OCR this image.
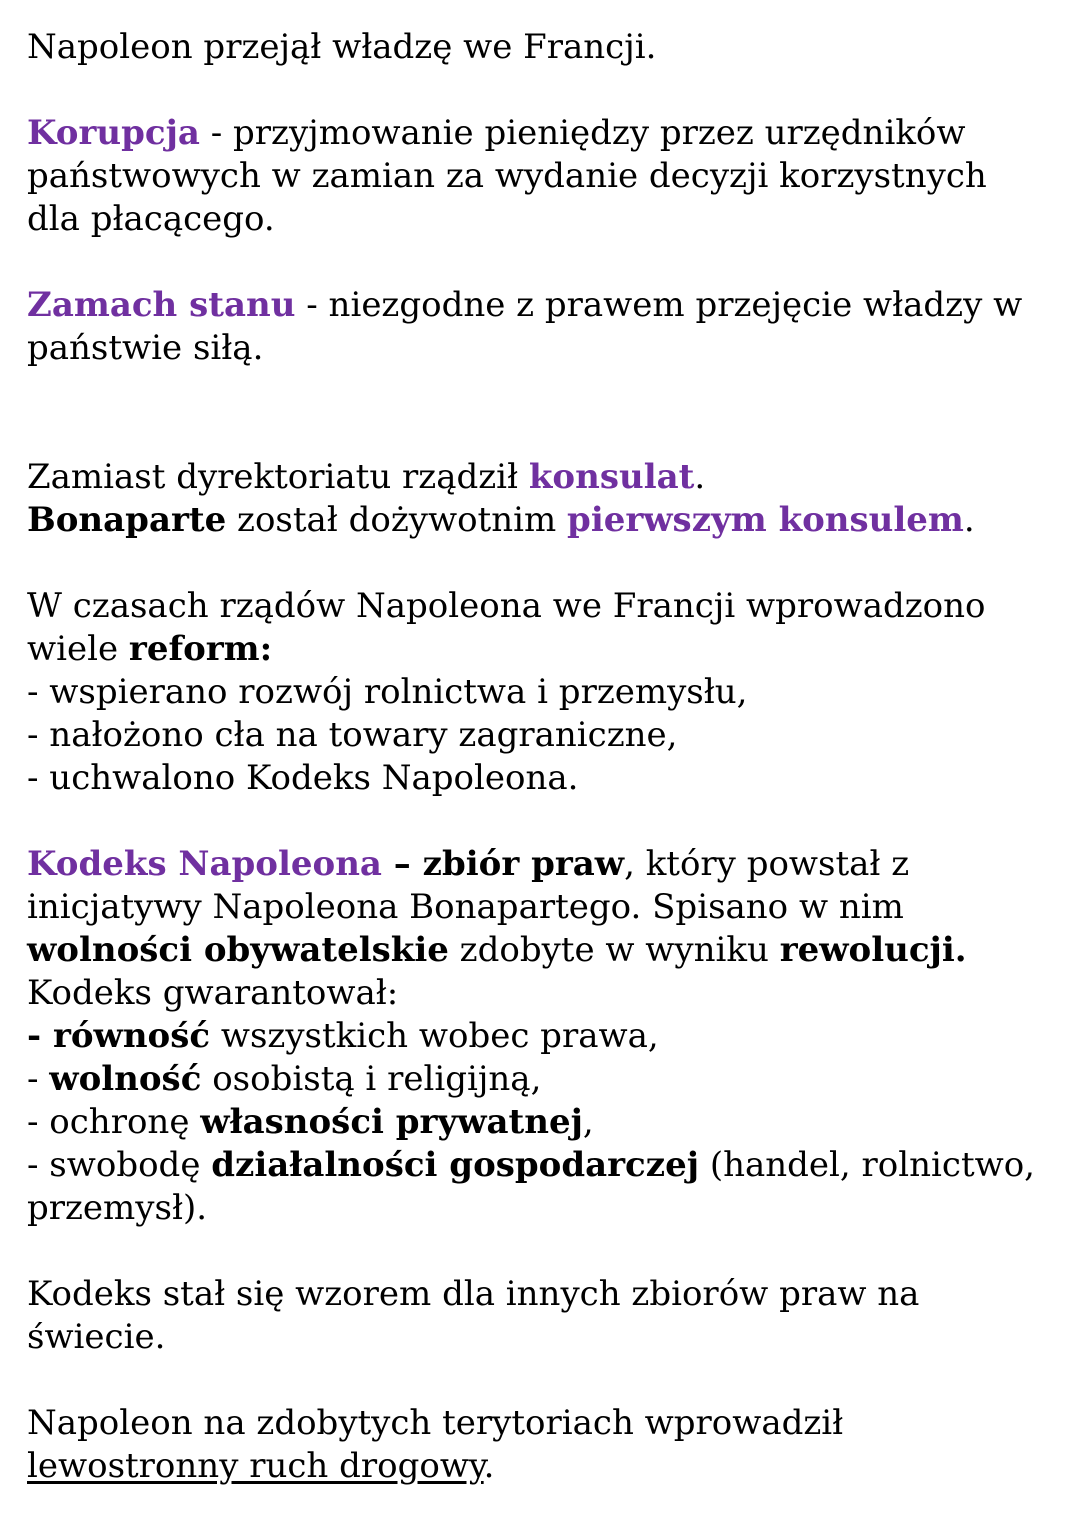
Napoleon przejął władzę we Francji.

Korupcja - przyjmowanie pieniędzy przez urzędników
państwowych w zamian za wydanie decyzji korzystnych
dla płacącego.

Zamach stanu - niezgodne z prawem przejęcie władzy w
państwie siłą.

Zamiast dyrektoriatu rządził konsulat.
Bonaparte został dożywotnim pierwszym konsulem.

W czasach rządów Napoleona we Francji wprowadzono
wiele reform:
- wspierano rozwój rolnictwa i przemysłu,
- nałożono cła na towary zagraniczne,
- uchwalono Kodeks Napoleona.

Kodeks Napoleona – zbiór praw, który powstał z
inicjatywy Napoleona Bonapartego. Spisano w nim
wolności obywatelskie zdobyte w wyniku rewolucji.
Kodeks gwarantował:
- równość wszystkich wobec prawa,
- wolność osobistą i religijną,
- ochronę własności prywatnej,
- swobodę działalności gospodarczej (handel, rolnictwo,
przemysł).

Kodeks stał się wzorem dla innych zbiorów praw na
świecie.

Napoleon na zdobytych terytoriach wprowadził
lewostronny ruch drogowy.
